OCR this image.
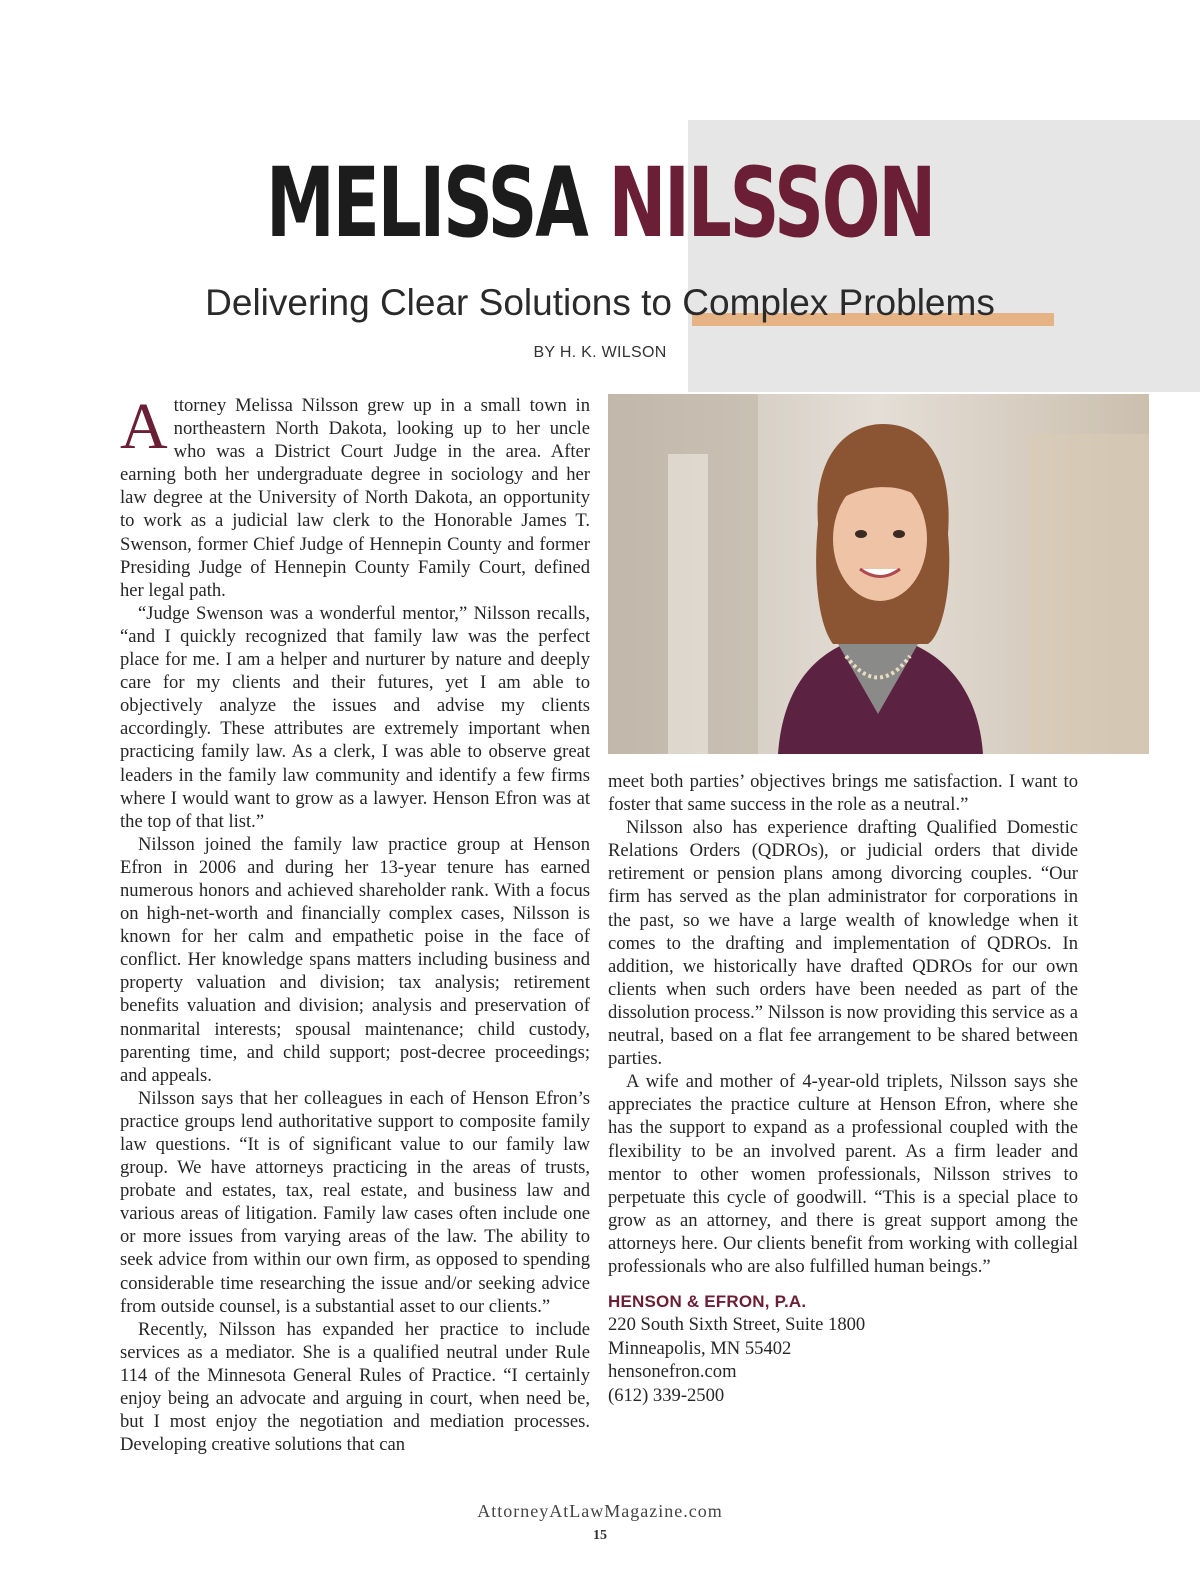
MELISSA NILSSON
Delivering Clear Solutions to Complex Problems
BY H. K. WILSON

Attorney Melissa Nilsson grew up in a small town in northeastern North Dakota, looking up to her uncle who was a District Court Judge in the area. After earning both her undergraduate degree in sociology and her law degree at the University of North Dakota, an opportunity to work as a judicial law clerk to the Honorable James T. Swenson, former Chief Judge of Hennepin County and former Presiding Judge of Hennepin County Family Court, defined her legal path.

“Judge Swenson was a wonderful mentor,” Nilsson recalls, “and I quickly recognized that family law was the perfect place for me. I am a helper and nurturer by nature and deeply care for my clients and their futures, yet I am able to objectively analyze the issues and advise my clients accordingly. These attributes are extremely important when practicing family law. As a clerk, I was able to observe great leaders in the family law community and identify a few firms where I would want to grow as a lawyer. Henson Efron was at the top of that list.”

Nilsson joined the family law practice group at Henson Efron in 2006 and during her 13-year tenure has earned numerous honors and achieved shareholder rank. With a focus on high-net-worth and financially complex cases, Nilsson is known for her calm and empathetic poise in the face of conflict. Her knowledge spans matters including business and property valuation and division; tax analysis; retirement benefits valuation and division; analysis and preservation of nonmarital interests; spousal maintenance; child custody, parenting time, and child support; post-decree proceedings; and appeals.

Nilsson says that her colleagues in each of Henson Efron’s practice groups lend authoritative support to composite family law questions. “It is of significant value to our family law group. We have attorneys practicing in the areas of trusts, probate and estates, tax, real estate, and business law and various areas of litigation. Family law cases often include one or more issues from varying areas of the law. The ability to seek advice from within our own firm, as opposed to spending considerable time researching the issue and/or seeking advice from outside counsel, is a substantial asset to our clients.”

Recently, Nilsson has expanded her practice to include services as a mediator. She is a qualified neutral under Rule 114 of the Minnesota General Rules of Practice. “I certainly enjoy being an advocate and arguing in court, when need be, but I most enjoy the negotiation and mediation processes. Developing creative solutions that can

meet both parties’ objectives brings me satisfaction. I want to foster that same success in the role as a neutral.”

Nilsson also has experience drafting Qualified Domestic Relations Orders (QDROs), or judicial orders that divide retirement or pension plans among divorcing couples. “Our firm has served as the plan administrator for corporations in the past, so we have a large wealth of knowledge when it comes to the drafting and implementation of QDROs. In addition, we historically have drafted QDROs for our own clients when such orders have been needed as part of the dissolution process.” Nilsson is now providing this service as a neutral, based on a flat fee arrangement to be shared between parties.

A wife and mother of 4-year-old triplets, Nilsson says she appreciates the practice culture at Henson Efron, where she has the support to expand as a professional coupled with the flexibility to be an involved parent. As a firm leader and mentor to other women professionals, Nilsson strives to perpetuate this cycle of goodwill. “This is a special place to grow as an attorney, and there is great support among the attorneys here. Our clients benefit from working with collegial professionals who are also fulfilled human beings.”

HENSON & EFRON, P.A.
220 South Sixth Street, Suite 1800
Minneapolis, MN 55402
hensonefron.com
(612) 339-2500
AttorneyAtLawMagazine.com
15
